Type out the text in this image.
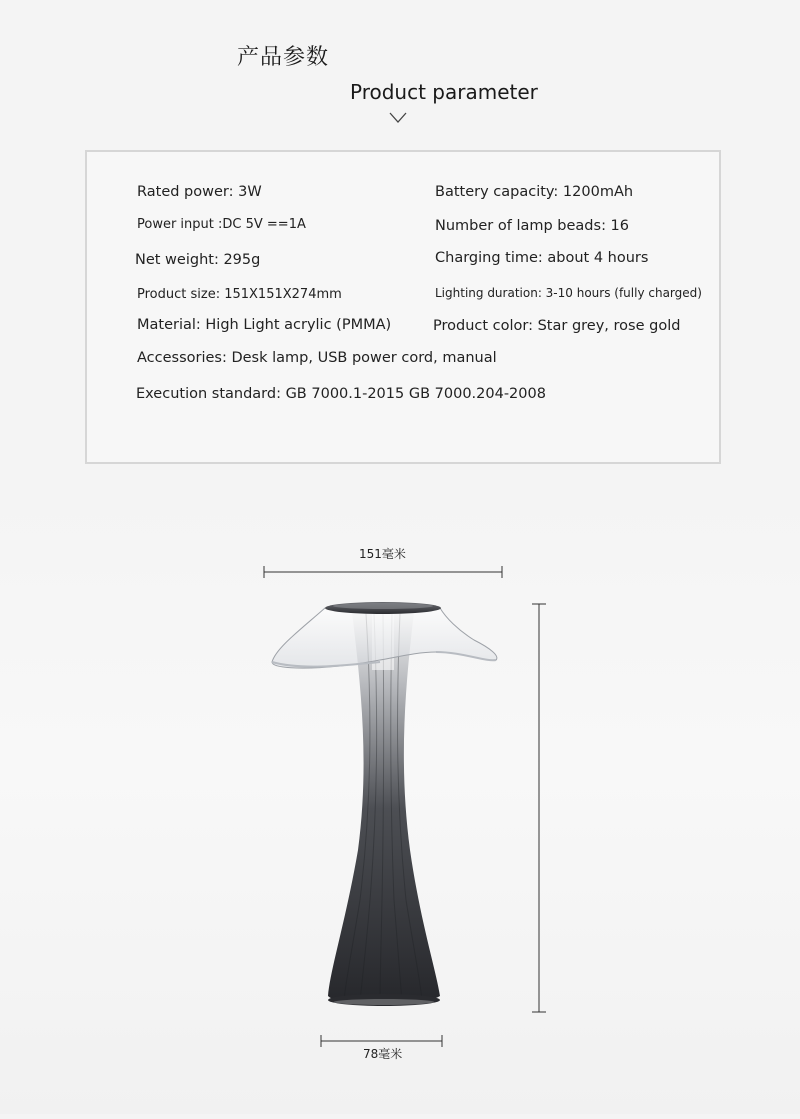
产品参数
Product parameter
Rated power: 3W	Battery capacity: 1200mAh
Power input :DC 5V ==1A	Number of lamp beads: 16
Net weight: 295g	Charging time: about 4 hours
Product size: 151X151X274mm	Lighting duration: 3-10 hours (fully charged)
Material: High Light acrylic (PMMA)	Product color: Star grey, rose gold
Accessories: Desk lamp, USB power cord, manual
Execution standard: GB 7000.1-2015 GB 7000.204-2008
151毫米
78毫米
